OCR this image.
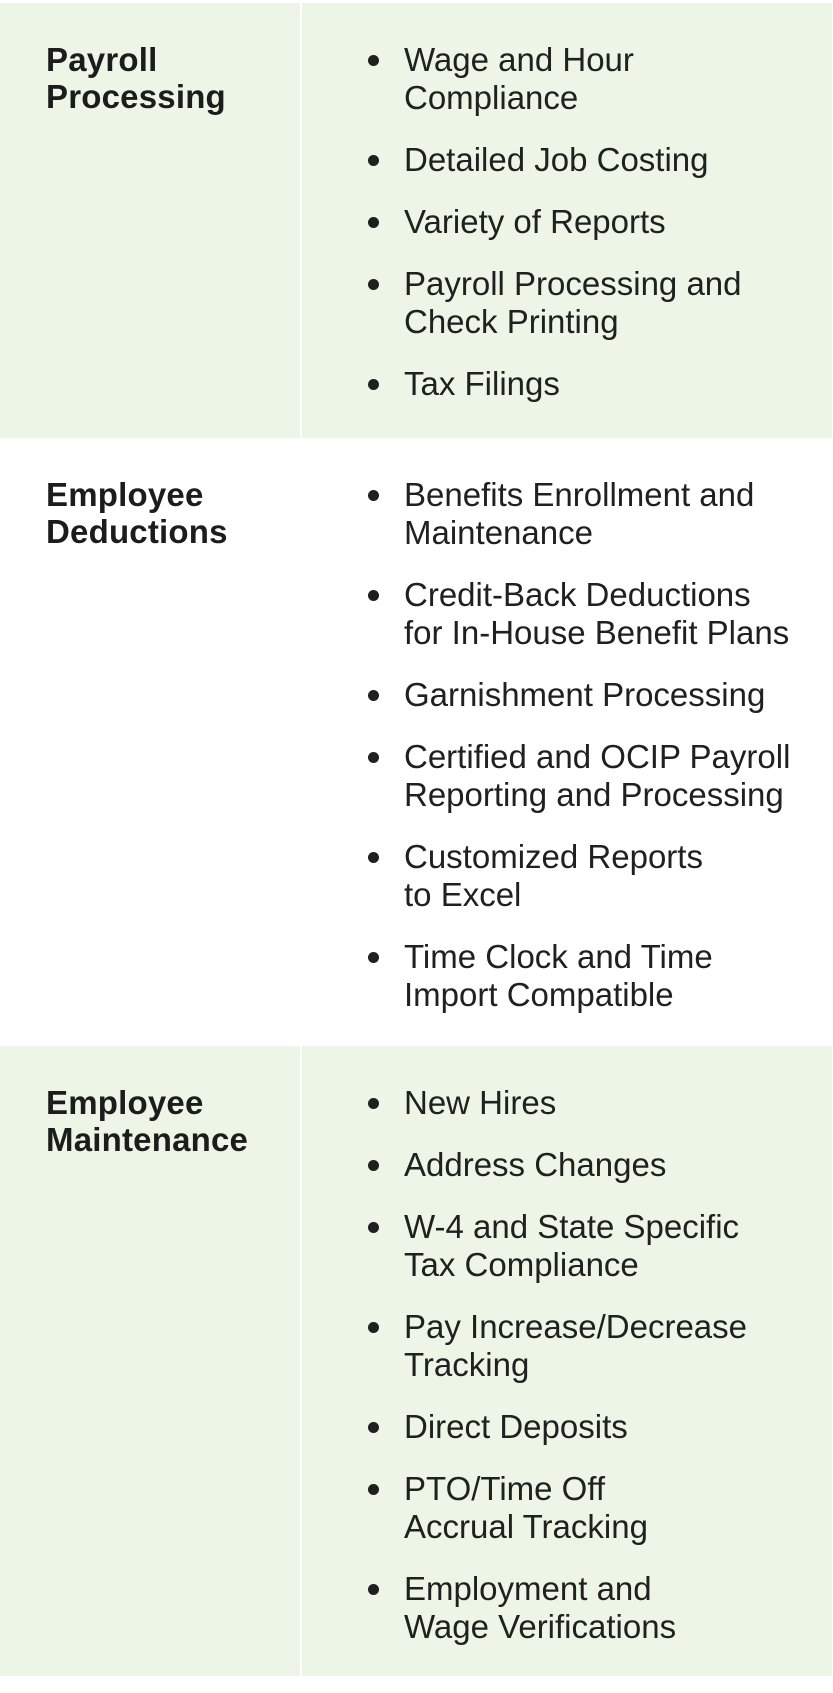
Payroll
Processing
Wage and Hour
Compliance
Detailed Job Costing
Variety of Reports
Payroll Processing and
Check Printing
Tax Filings
Employee
Deductions
Benefits Enrollment and
Maintenance
Credit-Back Deductions
for In-House Benefit Plans
Garnishment Processing
Certified and OCIP Payroll
Reporting and Processing
Customized Reports
to Excel
Time Clock and Time
Import Compatible
Employee
Maintenance
New Hires
Address Changes
W-4 and State Specific
Tax Compliance
Pay Increase/Decrease
Tracking
Direct Deposits
PTO/Time Off
Accrual Tracking
Employment and
Wage Verifications
